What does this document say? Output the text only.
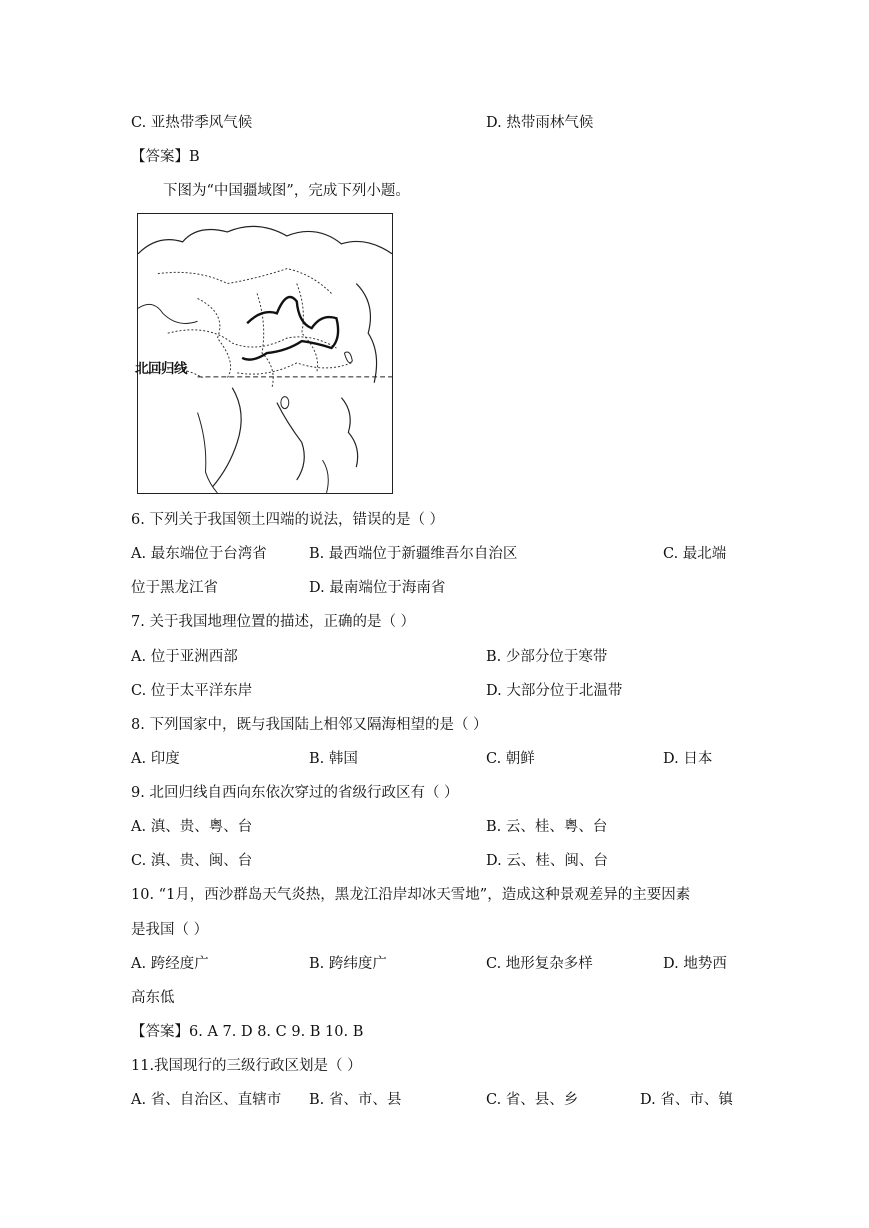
C. 亚热带季风气候	D. 热带雨林气候
【答案】B
下图为“中国疆域图”，完成下列小题。
北回归线
6. 下列关于我国领土四端的说法，错误的是（ ）
A. 最东端位于台湾省	B. 最西端位于新疆维吾尔自治区	C. 最北端
位于黑龙江省	D. 最南端位于海南省
7. 关于我国地理位置的描述，正确的是（ ）
A. 位于亚洲西部	B. 少部分位于寒带
C. 位于太平洋东岸	D. 大部分位于北温带
8. 下列国家中，既与我国陆上相邻又隔海相望的是（ ）
A. 印度	B. 韩国	C. 朝鲜	D. 日本
9. 北回归线自西向东依次穿过的省级行政区有（ ）
A. 滇、贵、粤、台	B. 云、桂、粤、台
C. 滇、贵、闽、台	D. 云、桂、闽、台
10. “1月，西沙群岛天气炎热，黑龙江沿岸却冰天雪地”，造成这种景观差异的主要因素
是我国（ ）
A. 跨经度广	B. 跨纬度广	C. 地形复杂多样	D. 地势西
高东低
【答案】6. A 7. D 8. C 9. B 10. B
11.我国现行的三级行政区划是（ ）
A. 省、自治区、直辖市 B. 省、市、县	C. 省、县、乡	D. 省、市、镇
